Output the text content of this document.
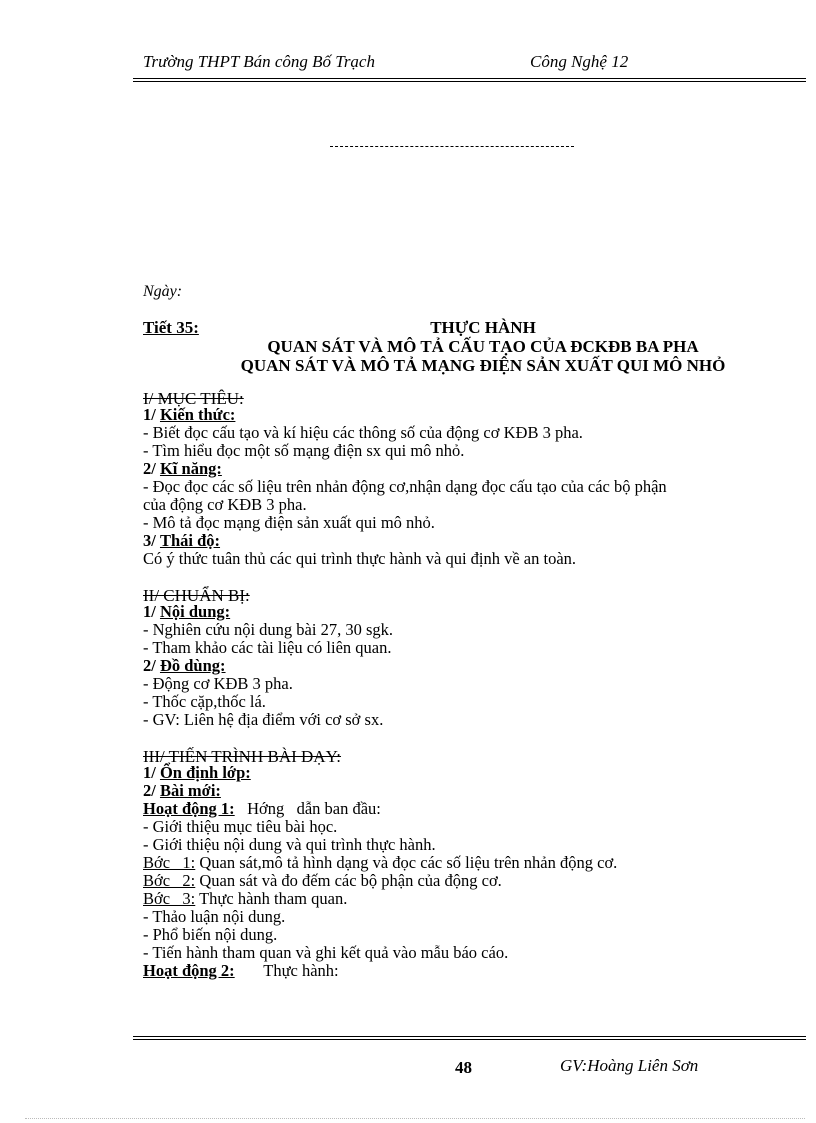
Trường THPT Bán công Bố Trạch	Công Nghệ 12
Ngày:
Tiết 35:	THỰC HÀNH
QUAN SÁT VÀ MÔ TẢ CẤU TẠO CỦA ĐCKĐB BA PHA
QUAN SÁT VÀ MÔ TẢ MẠNG ĐIỆN SẢN XUẤT QUI MÔ NHỎ
I/ MỤC TIÊU:
1/ Kiến thức:
- Biết đọc cấu tạo và kí hiệu các thông số của động cơ KĐB 3 pha.
- Tìm hiểu đọc một số mạng điện sx qui mô nhỏ.
2/ Kĩ năng:
- Đọc đọc các số liệu trên nhản động cơ,nhận dạng đọc cấu tạo của các bộ phận
của động cơ KĐB 3 pha.
- Mô tả đọc mạng điện sản xuất qui mô nhỏ.
3/ Thái độ:
Có ý thức tuân thủ các qui trình thực hành và qui định về an toàn.
II/ CHUẨN BỊ:
1/ Nội dung:
- Nghiên cứu nội dung bài 27, 30 sgk.
- Tham khảo các tài liệu có liên quan.
2/ Đồ dùng:
- Động cơ KĐB 3 pha.
- Thốc cặp,thốc lá.
- GV: Liên hệ địa điểm với cơ sở sx.
III/ TIẾN TRÌNH BÀI DẠY:
1/ Ổn định lớp:
2/ Bài mới:
Hoạt động 1:   Hớng   dẫn ban đầu:
- Giới thiệu mục tiêu bài học.
- Giới thiệu nội dung và qui trình thực hành.
Bớc   1: Quan sát,mô tả hình dạng và đọc các số liệu trên nhản động cơ.
Bớc   2: Quan sát và đo đếm các bộ phận của động cơ.
Bớc   3: Thực hành tham quan.
- Thảo luận nội dung.
- Phổ biến nội dung.
- Tiến hành tham quan và ghi kết quả vào mẫu báo cáo.
Hoạt động 2:       Thực hành:
48	GV:Hoàng Liên Sơn
